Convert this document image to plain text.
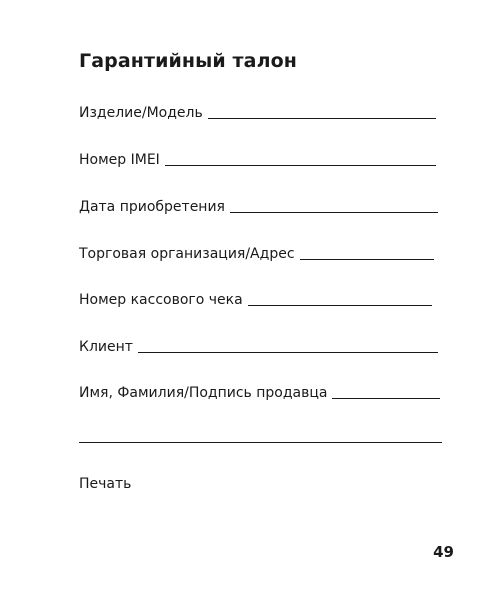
Гарантийный талон
Изделие/Модель
Номер IMEI
Дата приобретения
Торговая организация/Адрес
Номер кассового чека
Клиент
Имя, Фамилия/Подпись продавца
Печать
49
